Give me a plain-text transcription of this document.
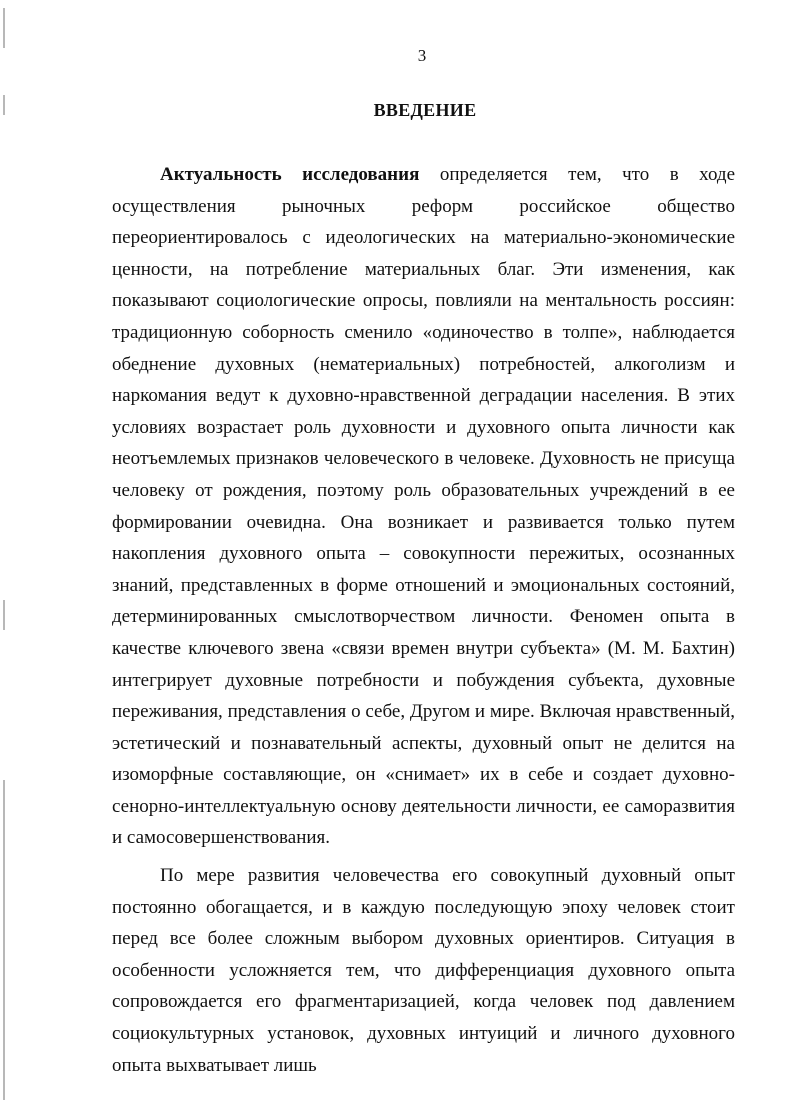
3
ВВЕДЕНИЕ

Актуальность исследования определяется тем, что в ходе осуществления рыночных реформ российское общество переориентировалось с идеологических на материально-экономические ценности, на потребление материальных благ. Эти изменения, как показывают социологические опросы, повлияли на ментальность россиян: традиционную соборность сменило «одиночество в толпе», наблюдается обеднение духовных (нематериальных) потребностей, алкоголизм и наркомания ведут к духовно-нравственной деградации населения. В этих условиях возрастает роль духовности и духовного опыта личности как неотъемлемых признаков человеческого в человеке. Духовность не присуща человеку от рождения, поэтому роль образовательных учреждений в ее формировании очевидна. Она возникает и развивается только путем накопления духовного опыта – совокупности пережитых, осознанных знаний, представленных в форме отношений и эмоциональных состояний, детерминированных смыслотворчеством личности. Феномен опыта в качестве ключевого звена «связи времен внутри субъекта» (М. М. Бахтин) интегрирует духовные потребности и побуждения субъекта, духовные переживания, представления о себе, Другом и мире. Включая нравственный, эстетический и познавательный аспекты, духовный опыт не делится на изоморфные составляющие, он «снимает» их в себе и создает духовно-сенорно-интеллектуальную основу деятельности личности, ее саморазвития и самосовершенствования.

По мере развития человечества его совокупный духовный опыт постоянно обогащается, и в каждую последующую эпоху человек стоит перед все более сложным выбором духовных ориентиров. Ситуация в особенности усложняется тем, что дифференциация духовного опыта сопровождается его фрагментаризацией, когда человек под давлением социокультурных установок, духовных интуиций и личного духовного опыта выхватывает лишь
